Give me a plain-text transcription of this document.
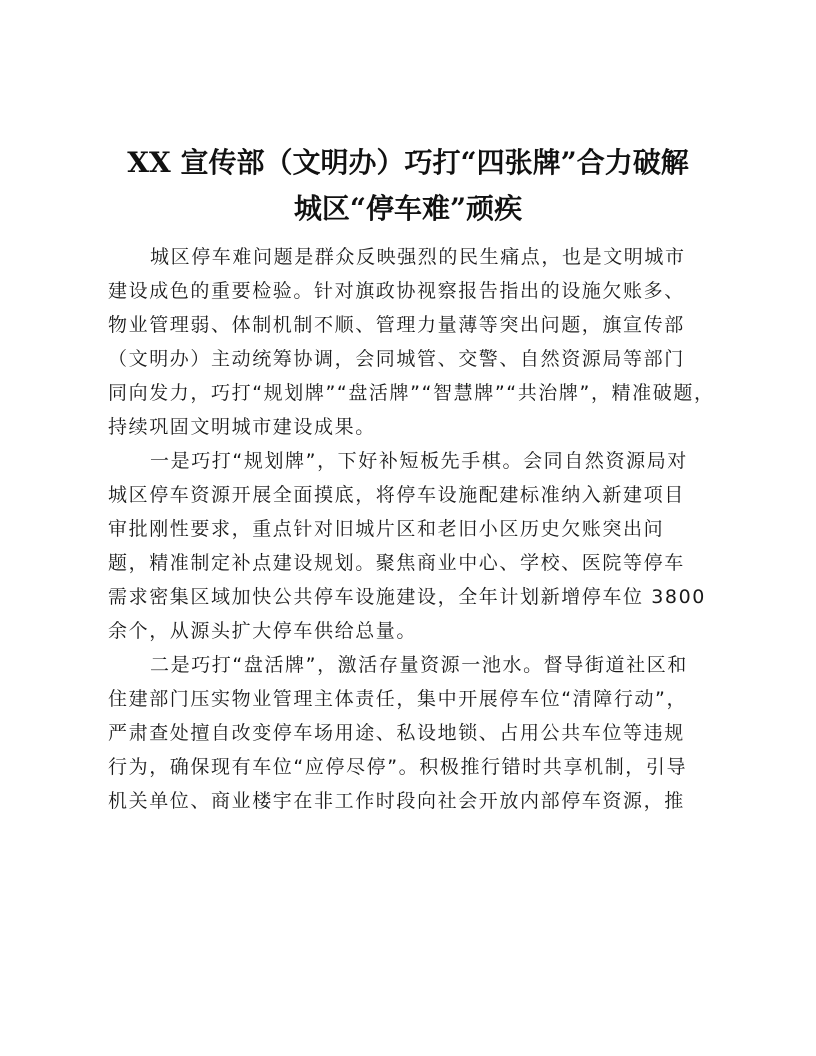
XX 宣传部（文明办）巧打“四张牌”合力破解
城区“停车难”顽疾
城区停车难问题是群众反映强烈的民生痛点，也是文明城市
建设成色的重要检验。针对旗政协视察报告指出的设施欠账多、
物业管理弱、体制机制不顺、管理力量薄等突出问题，旗宣传部
（文明办）主动统筹协调，会同城管、交警、自然资源局等部门
同向发力，巧打“规划牌”“盘活牌”“智慧牌”“共治牌”，精准破题，
持续巩固文明城市建设成果。
一是巧打“规划牌”，下好补短板先手棋。会同自然资源局对
城区停车资源开展全面摸底，将停车设施配建标准纳入新建项目
审批刚性要求，重点针对旧城片区和老旧小区历史欠账突出问
题，精准制定补点建设规划。聚焦商业中心、学校、医院等停车
需求密集区域加快公共停车设施建设，全年计划新增停车位 3800
余个，从源头扩大停车供给总量。
二是巧打“盘活牌”，激活存量资源一池水。督导街道社区和
住建部门压实物业管理主体责任，集中开展停车位“清障行动”，
严肃查处擅自改变停车场用途、私设地锁、占用公共车位等违规
行为，确保现有车位“应停尽停”。积极推行错时共享机制，引导
机关单位、商业楼宇在非工作时段向社会开放内部停车资源，推
